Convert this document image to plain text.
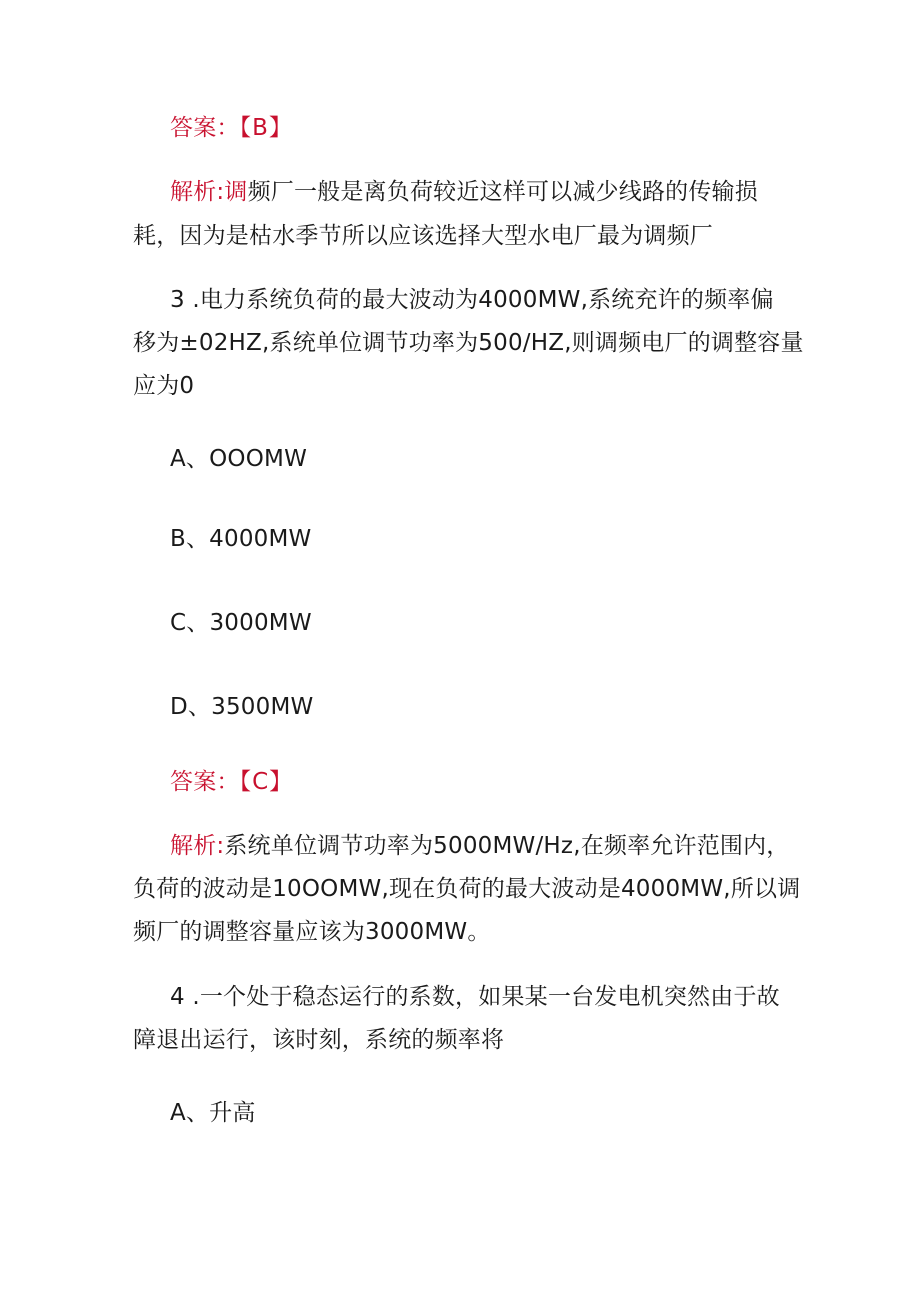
答案：【B】
解析:调频厂一般是离负荷较近这样可以减少线路的传输损
耗，因为是枯水季节所以应该选择大型水电厂最为调频厂
3 .电力系统负荷的最大波动为4000MW,系统充许的频率偏
移为±02HZ,系统单位调节功率为500/HZ,则调频电厂的调整容量
应为0
A、OOOMW
B、4000MW
C、3000MW
D、3500MW
答案：【C】
解析:系统单位调节功率为5000MW/Hz,在频率允许范围内，
负荷的波动是10OOMW,现在负荷的最大波动是4000MW,所以调
频厂的调整容量应该为3000MW。
4 .一个处于稳态运行的系数，如果某一台发电机突然由于故
障退出运行，该时刻，系统的频率将
A、升高
